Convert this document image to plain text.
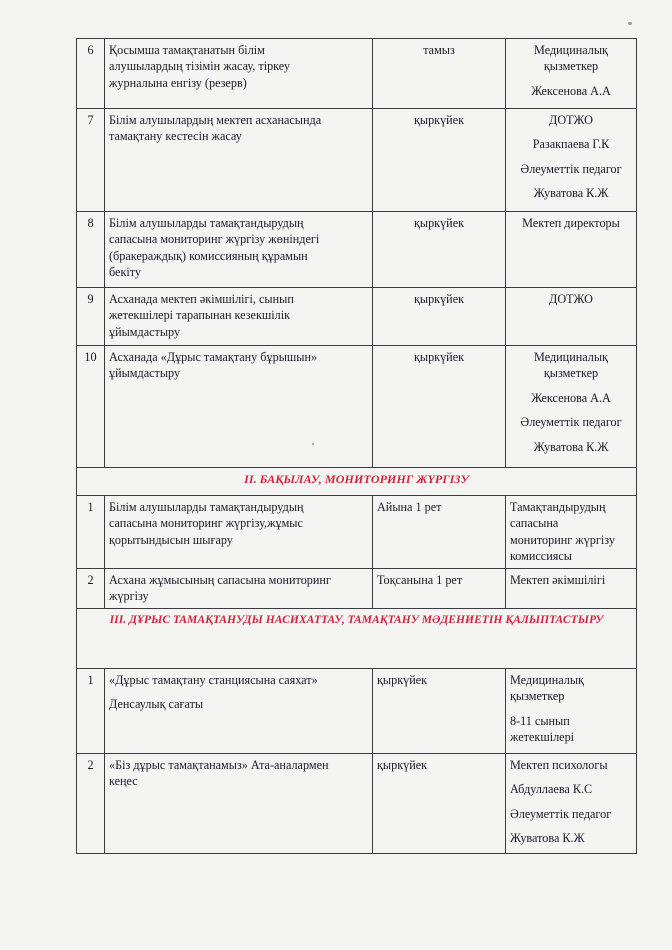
6	Қосымша тамақтанатын білім
алушылардың тізімін жасау, тіркеу
журналына енгізу (резерв)	тамыз	Медициналық
қызметкер
Жексенова А.А

7	Білім алушылардың мектеп асханасында
тамақтану кестесін жасау	қыркүйек	ДОТЖО
Разакпаева Г.К
Әлеуметтік педагог
Жуватова К.Ж

8	Білім алушыларды тамақтандырудың
сапасына мониторинг жүргізу жөніндегі
(бракераждық) комиссияның құрамын
бекіту	қыркүйек	Мектеп директоры

9	Асханада мектеп әкімшілігі, сынып
жетекшілері тарапынан кезекшілік
ұйымдастыру	қыркүйек	ДОТЖО

10	Асханада «Дұрыс тамақтану бұрышын»
ұйымдастыру	қыркүйек	Медициналық
қызметкер
Жексенова А.А
Әлеуметтік педагог
Жуватова К.Ж

II. БАҚЫЛАУ, МОНИТОРИНГ ЖҮРГІЗУ			
1	Білім алушыларды тамақтандырудың
сапасына мониторинг жүргізу,жұмыс
қорытындысын шығару	Айына 1 рет	Тамақтандырудың
сапасына
мониторинг жүргізу
комиссиясы

2	Асхана жұмысының сапасына мониторинг
жүргізу	Тоқсанына 1 рет	Мектеп әкімшілігі

III. ДҰРЫС ТАМАҚТАНУДЫ НАСИХАТТАУ, ТАМАҚТАНУ МӘДЕНИЕТІН ҚАЛЫПТАСТЫРУ			
1	«Дұрыс тамақтану станциясына саяхат»
Денсаулық сағаты	қыркүйек	Медициналық
қызметкер
8-11 сынып
жетекшілері

2	«Біз дұрыс тамақтанамыз» Ата-аналармен
кеңес	қыркүйек	Мектеп психологы
Абдуллаева К.С
Әлеуметтік педагог
Жуватова К.Ж
